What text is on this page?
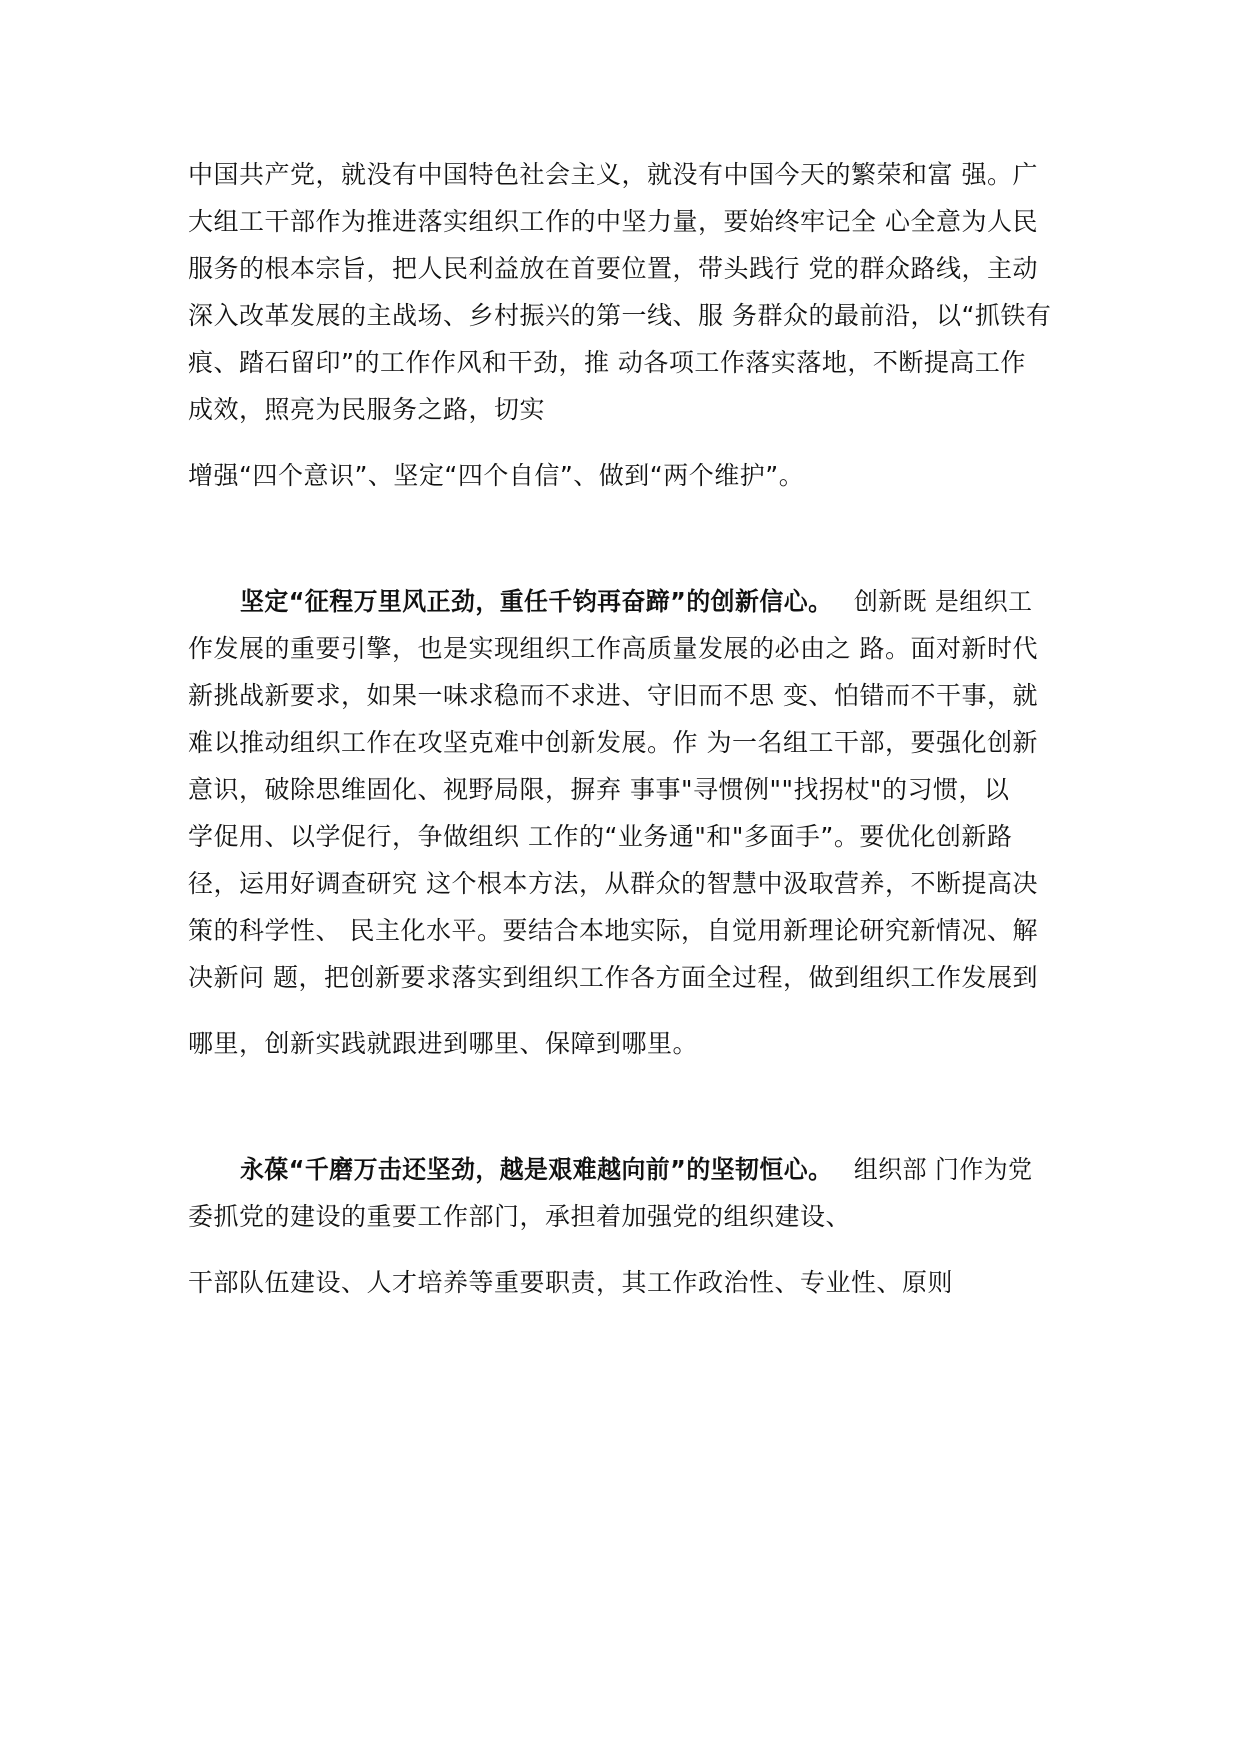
中国共产党，就没有中国特色社会主义，就没有中国今天的繁荣和富 强。广
大组工干部作为推进落实组织工作的中坚力量，要始终牢记全 心全意为人民
服务的根本宗旨，把人民利益放在首要位置，带头践行 党的群众路线，主动
深入改革发展的主战场、乡村振兴的第一线、服 务群众的最前沿，以“抓铁有
痕、踏石留印”的工作作风和干劲，推 动各项工作落实落地，不断提高工作
成效，照亮为民服务之路，切实
增强“四个意识”、坚定“四个自信”、做到“两个维护”。
坚定“征程万里风正劲，重任千钧再奋蹄”的创新信心。 创新既 是组织工
作发展的重要引擎，也是实现组织工作高质量发展的必由之 路。面对新时代
新挑战新要求，如果一味求稳而不求进、守旧而不思 变、怕错而不干事，就
难以推动组织工作在攻坚克难中创新发展。作 为一名组工干部，要强化创新
意识，破除思维固化、视野局限，摒弃 事事"寻惯例""找拐杖"的习惯，以
学促用、以学促行，争做组织 工作的“业务通"和"多面手”。要优化创新路
径，运用好调查研究 这个根本方法，从群众的智慧中汲取营养，不断提高决
策的科学性、 民主化水平。要结合本地实际，自觉用新理论研究新情况、解
决新问 题，把创新要求落实到组织工作各方面全过程，做到组织工作发展到
哪里，创新实践就跟进到哪里、保障到哪里。
永葆“千磨万击还坚劲，越是艰难越向前”的坚韧恒心。 组织部 门作为党
委抓党的建设的重要工作部门，承担着加强党的组织建设、
干部队伍建设、人才培养等重要职责，其工作政治性、专业性、原则
